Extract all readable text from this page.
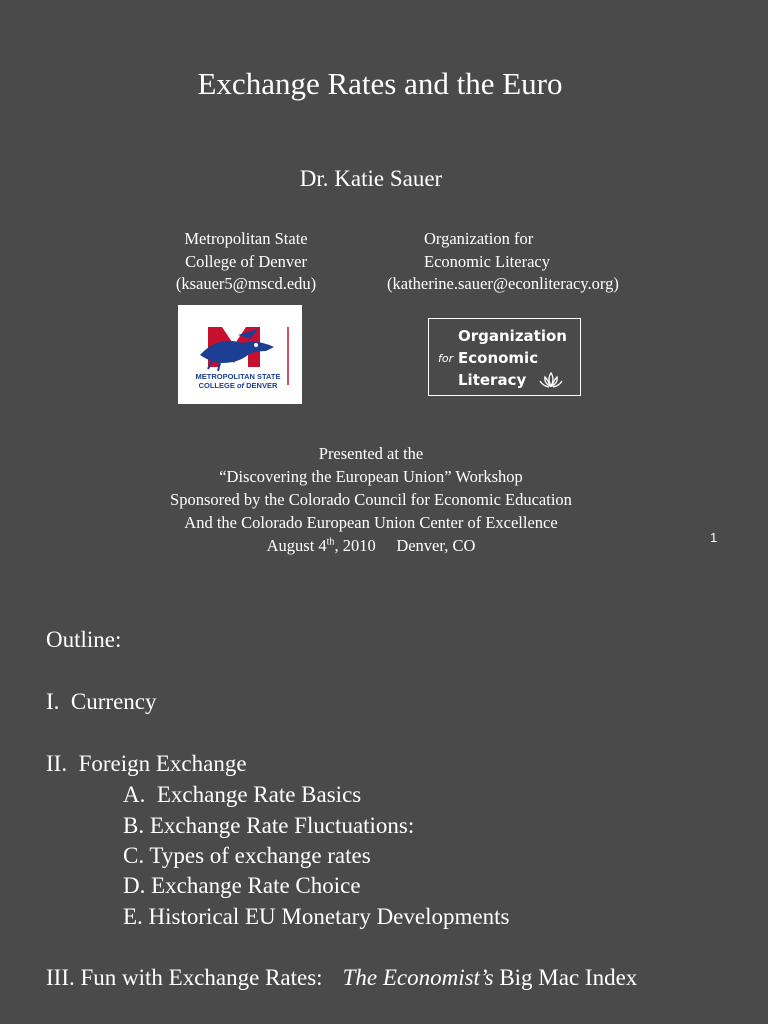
Exchange Rates and the Euro
Dr. Katie Sauer
Metropolitan State
College of Denver
(ksauer5@mscd.edu)
Organization for
Economic Literacy
(katherine.sauer@econliteracy.org)
METROPOLITAN STATE
COLLEGE of DENVER
Organization
for Economic
Literacy

Presented at the

“Discovering the European Union” Workshop

Sponsored by the Colorado Council for Economic Education

And the Colorado European Union Center of Excellence

August 4th, 2010     Denver, CO	1
Outline:
I.  Currency
II.  Foreign Exchange
A.  Exchange Rate Basics
B. Exchange Rate Fluctuations:
C. Types of exchange rates
D. Exchange Rate Choice
E. Historical EU Monetary Developments
III. Fun with Exchange Rates: The Economist’s Big Mac Index
